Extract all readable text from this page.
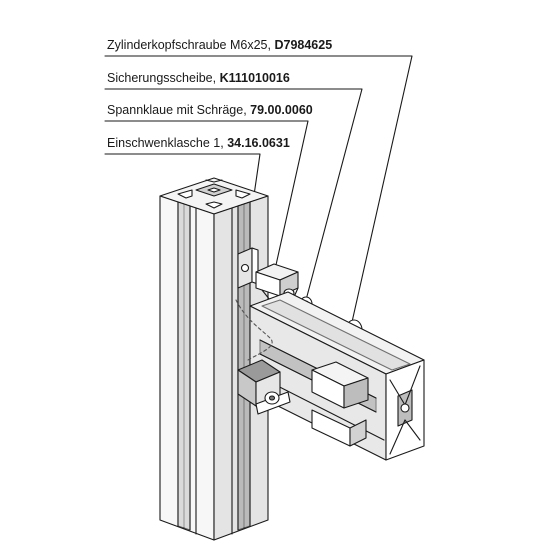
Zylinderkopfschraube M6x25, D7984625
Sicherungsscheibe, K111010016
Spannklaue mit Schräge, 79.00.0060
Einschwenklasche 1, 34.16.0631
